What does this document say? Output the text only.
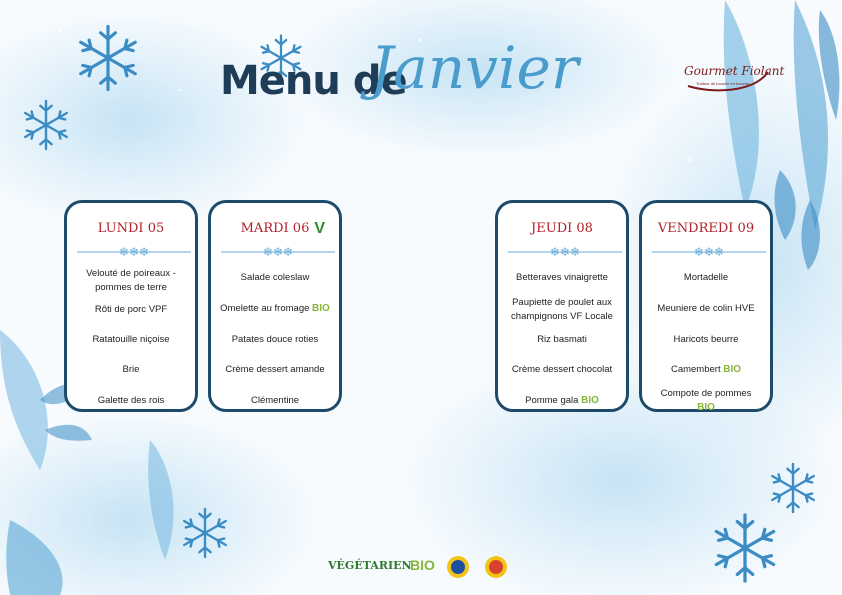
Menu de
Janvier	Gourmet Fiolant
Traiteur de bouche en bouche
LUNDI 05
❄❄❄
Velouté de poireaux - pommes de terre
Rôti de porc VPF
Ratatouille niçoise
Brie
Galette des rois
MARDI 06 V
❄❄❄
Salade coleslaw
Omelette au fromage BIO
Patates douce roties
Crème dessert amande
Clémentine
JEUDI 08
❄❄❄
Betteraves vinaigrette
Paupiette de poulet aux champignons VF Locale
Riz basmati
Crème dessert chocolat
Pomme gala BIO
VENDREDI 09
❄❄❄
Mortadelle
Meuniere de colin HVE
Haricots beurre
Camembert BIO
Compote de pommes
BIO
VÉGÉTARIEN
BIO
